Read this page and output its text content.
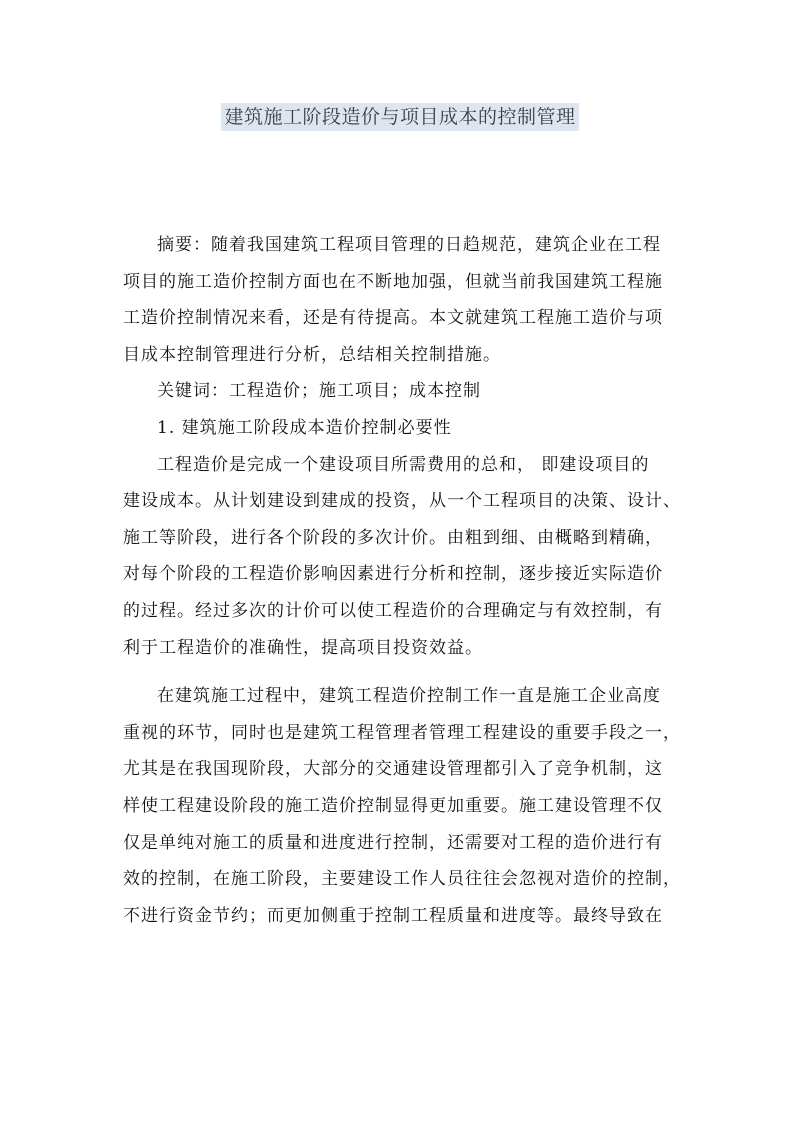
建筑施工阶段造价与项目成本的控制管理
摘要：随着我国建筑工程项目管理的日趋规范，建筑企业在工程
项目的施工造价控制方面也在不断地加强，但就当前我国建筑工程施
工造价控制情况来看，还是有待提高。本文就建筑工程施工造价与项
目成本控制管理进行分析，总结相关控制措施。
关键词：工程造价；施工项目；成本控制
1. 建筑施工阶段成本造价控制必要性
工程造价是完成一个建设项目所需费用的总和， 即建设项目的
建设成本。从计划建设到建成的投资，从一个工程项目的决策、设计、
施工等阶段，进行各个阶段的多次计价。由粗到细、由概略到精确，
对每个阶段的工程造价影响因素进行分析和控制，逐步接近实际造价
的过程。经过多次的计价可以使工程造价的合理确定与有效控制，有
利于工程造价的准确性，提高项目投资效益。
在建筑施工过程中，建筑工程造价控制工作一直是施工企业高度
重视的环节，同时也是建筑工程管理者管理工程建设的重要手段之一，
尤其是在我国现阶段，大部分的交通建设管理都引入了竞争机制，这
样使工程建设阶段的施工造价控制显得更加重要。施工建设管理不仅
仅是单纯对施工的质量和进度进行控制，还需要对工程的造价进行有
效的控制，在施工阶段，主要建设工作人员往往会忽视对造价的控制，
不进行资金节约；而更加侧重于控制工程质量和进度等。最终导致在
